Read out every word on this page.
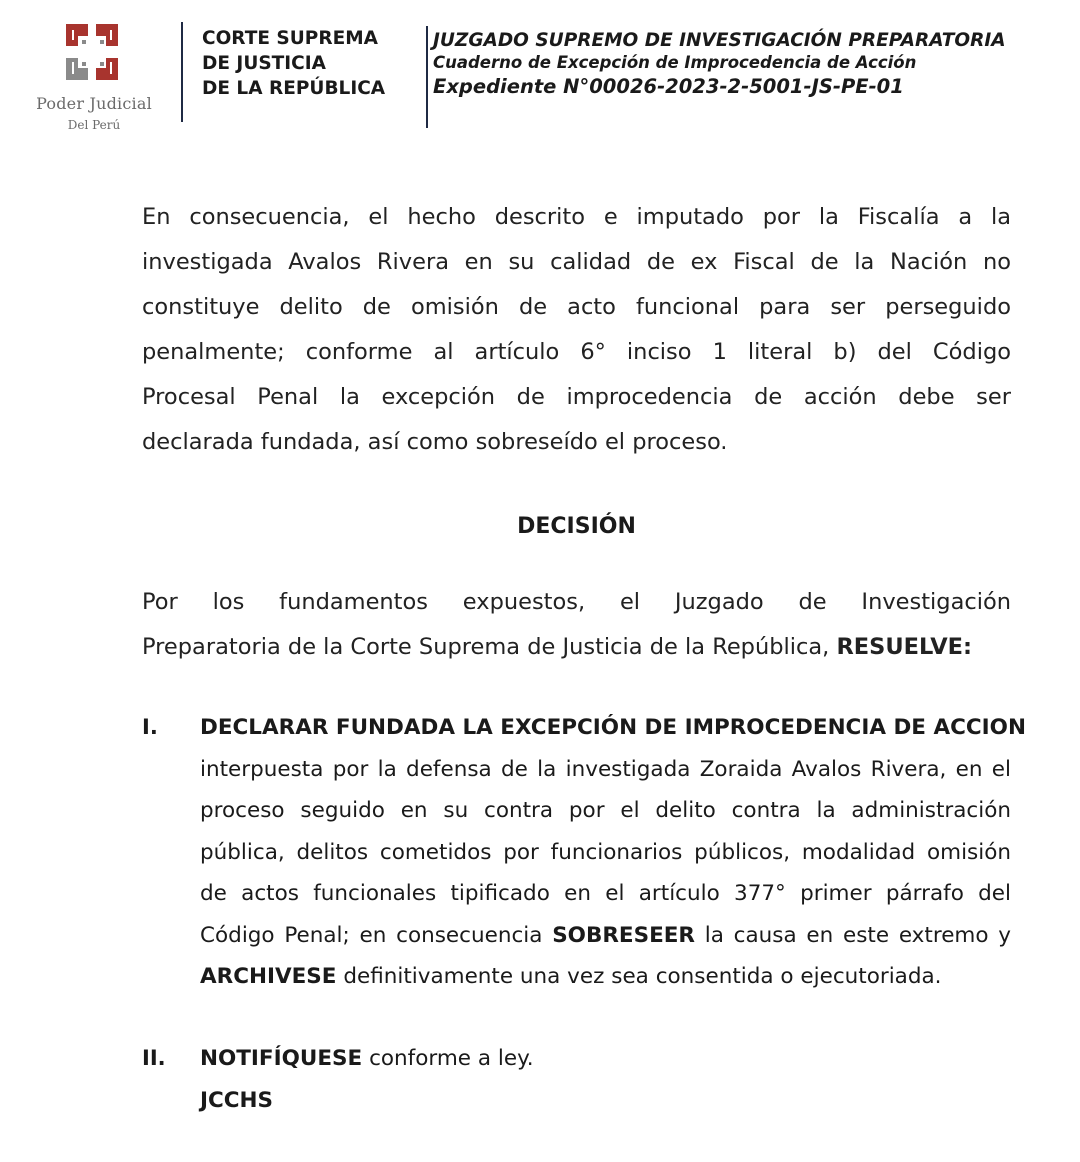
Poder Judicial
Del Perú
CORTE SUPREMA
DE JUSTICIA
DE LA REPÚBLICA
JUZGADO SUPREMO DE INVESTIGACIÓN PREPARATORIA
Cuaderno de Excepción de Improcedencia de Acción
Expediente N°00026-2023-2-5001-JS-PE-01
En consecuencia, el hecho descrito e imputado por la Fiscalía a la
investigada Avalos Rivera en su calidad de ex Fiscal de la Nación no
constituye delito de omisión de acto funcional para ser perseguido
penalmente; conforme al artículo 6° inciso 1 literal b) del Código
Procesal Penal la excepción de improcedencia de acción debe ser
declarada fundada, así como sobreseído el proceso.
DECISIÓN
Por los fundamentos expuestos, el Juzgado de Investigación
Preparatoria de la Corte Suprema de Justicia de la República, RESUELVE:
I. DECLARAR FUNDADA LA EXCEPCIÓN DE IMPROCEDENCIA DE ACCION
interpuesta por la defensa de la investigada Zoraida Avalos Rivera, en el
proceso seguido en su contra por el delito contra la administración
pública, delitos cometidos por funcionarios públicos, modalidad omisión
de actos funcionales tipificado en el artículo 377° primer párrafo del
Código Penal; en consecuencia SOBRESEER la causa en este extremo y
ARCHIVESE definitivamente una vez sea consentida o ejecutoriada.
II. NOTIFÍQUESE conforme a ley.
JCCHS
